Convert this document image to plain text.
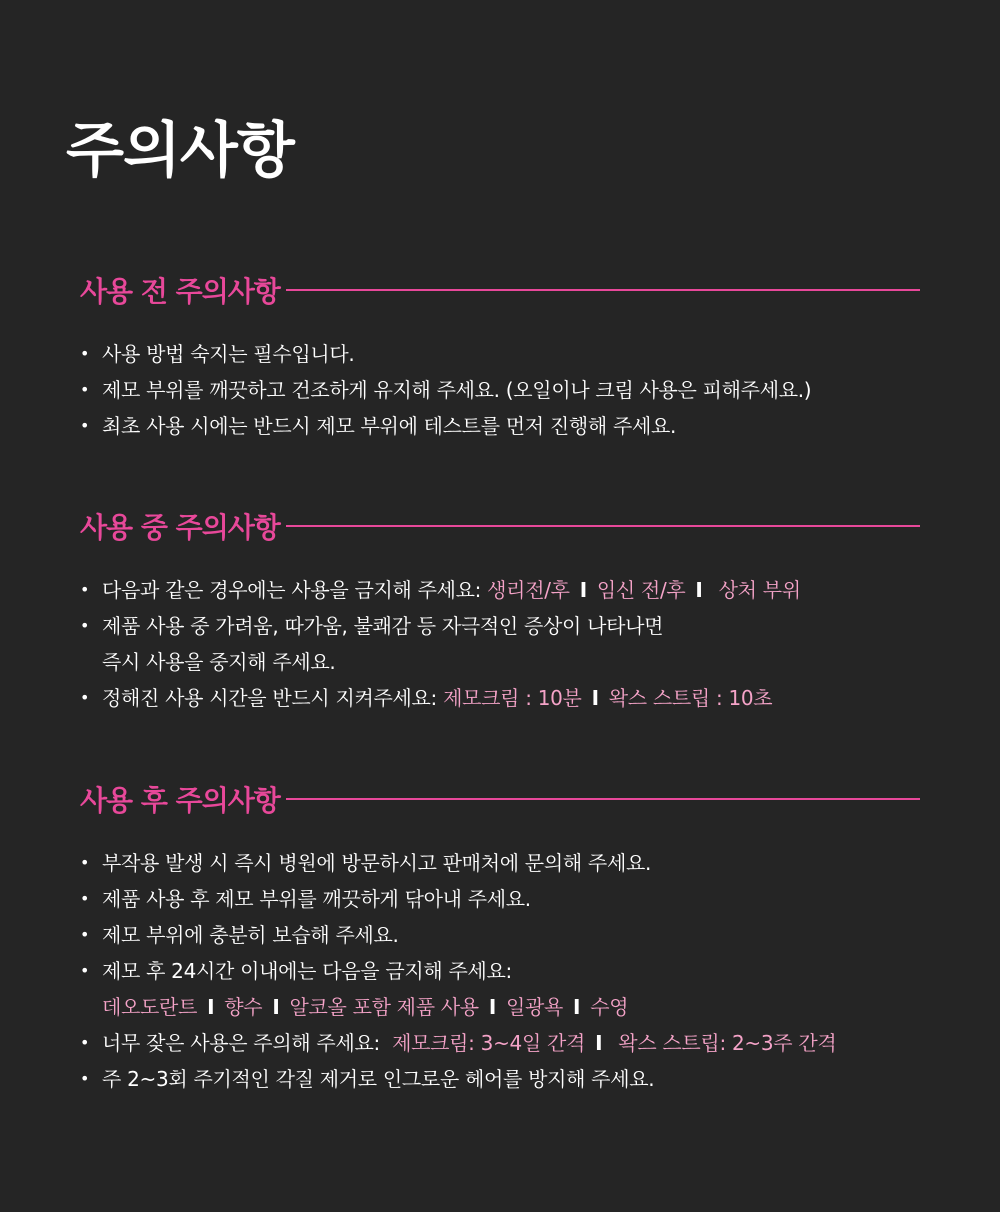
주의사항
사용 전 주의사항
• 사용 방법 숙지는 필수입니다.
• 제모 부위를 깨끗하고 건조하게 유지해 주세요. (오일이나 크림 사용은 피해주세요.)
• 최초 사용 시에는 반드시 제모 부위에 테스트를 먼저 진행해 주세요.
사용 중 주의사항
• 다음과 같은 경우에는 사용을 금지해 주세요: 생리전/후 I 임신 전/후 I 상처 부위
• 제품 사용 중 가려움, 따가움, 불쾌감 등 자극적인 증상이 나타나면
즉시 사용을 중지해 주세요.
• 정해진 사용 시간을 반드시 지켜주세요: 제모크림 : 10분 I 왁스 스트립 : 10초
사용 후 주의사항
• 부작용 발생 시 즉시 병원에 방문하시고 판매처에 문의해 주세요.
• 제품 사용 후 제모 부위를 깨끗하게 닦아내 주세요.
• 제모 부위에 충분히 보습해 주세요.
• 제모 후 24시간 이내에는 다음을 금지해 주세요:
데오도란트 I 향수 I 알코올 포함 제품 사용 I 일광욕 I 수영
• 너무 잦은 사용은 주의해 주세요: 제모크림: 3~4일 간격 I 왁스 스트립: 2~3주 간격
• 주 2~3회 주기적인 각질 제거로 인그로운 헤어를 방지해 주세요.
